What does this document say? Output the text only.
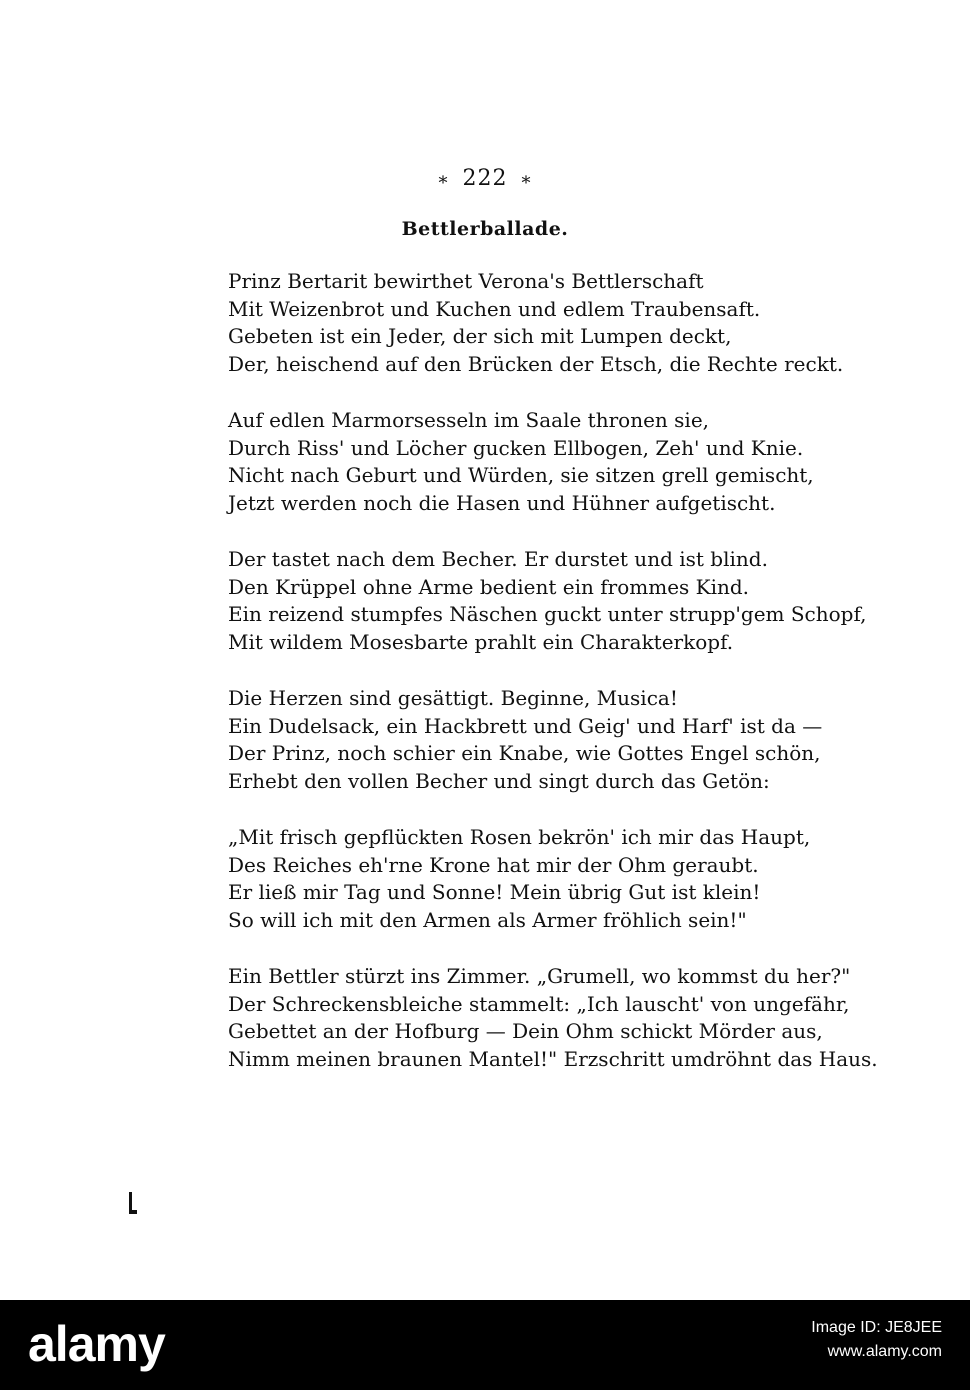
⁎ 222 ⁎
Bettlerballade.
Prinz Bertarit bewirthet Verona's Bettlerschaft
Mit Weizenbrot und Kuchen und edlem Traubensaft.
Gebeten ist ein Jeder, der sich mit Lumpen deckt,
Der, heischend auf den Brücken der Etsch, die Rechte reckt.
Auf edlen Marmorsesseln im Saale thronen sie,
Durch Riss' und Löcher gucken Ellbogen, Zeh' und Knie.
Nicht nach Geburt und Würden, sie sitzen grell gemischt,
Jetzt werden noch die Hasen und Hühner aufgetischt.
Der tastet nach dem Becher. Er durstet und ist blind.
Den Krüppel ohne Arme bedient ein frommes Kind.
Ein reizend stumpfes Näschen guckt unter strupp'gem Schopf,
Mit wildem Mosesbarte prahlt ein Charakterkopf.
Die Herzen sind gesättigt. Beginne, Musica!
Ein Dudelsack, ein Hackbrett und Geig' und Harf' ist da —
Der Prinz, noch schier ein Knabe, wie Gottes Engel schön,
Erhebt den vollen Becher und singt durch das Getön:
„Mit frisch gepflückten Rosen bekrön' ich mir das Haupt,
Des Reiches eh'rne Krone hat mir der Ohm geraubt.
Er ließ mir Tag und Sonne! Mein übrig Gut ist klein!
So will ich mit den Armen als Armer fröhlich sein!"
Ein Bettler stürzt ins Zimmer. „Grumell, wo kommst du her?"
Der Schreckensbleiche stammelt: „Ich lauscht' von ungefähr,
Gebettet an der Hofburg — Dein Ohm schickt Mörder aus,
Nimm meinen braunen Mantel!" Erzschritt umdröhnt das Haus.
alamy	Image ID: JE8JEE
www.alamy.com
